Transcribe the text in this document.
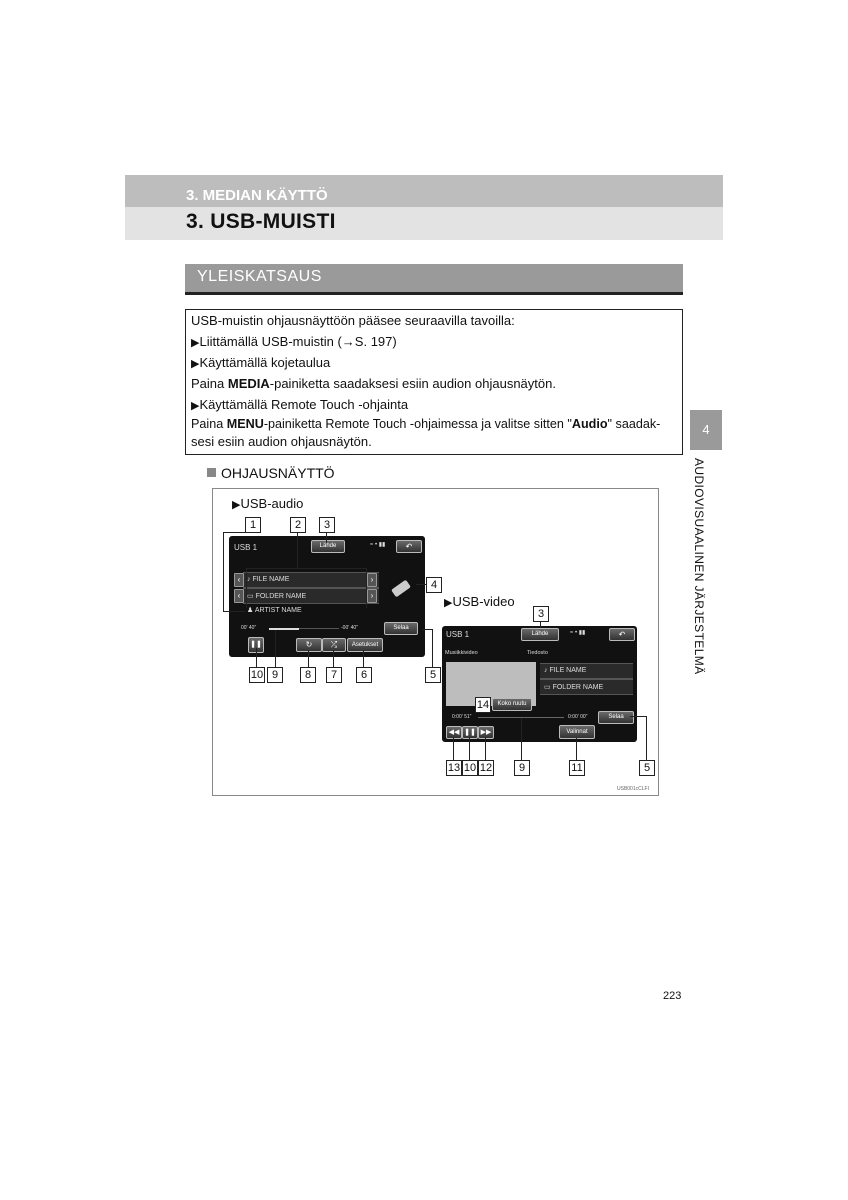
3. MEDIAN KÄYTTÖ
3. USB-MUISTI
YLEISKATSAUS
USB-muistin ohjausnäyttöön pääsee seuraavilla tavoilla:
▶Liittämällä USB-muistin (→S. 197)
▶Käyttämällä kojetaulua
Paina MEDIA-painiketta saadaksesi esiin audion ohjausnäytön.
▶Käyttämällä Remote Touch -ohjainta
Paina MENU-painiketta Remote Touch -ohjaimessa ja valitse sitten "Audio" saadak-
sesi esiin audion ohjausnäytön.
4
AUDIOVISUAALINEN JÄRJESTELMÄ
OHJAUSNÄYTTÖ
▶USB-audio
▶USB-video
USB001cCLFI
USB 1	Lähde	≈ • ▮▮	↶
♪ FILE NAME
▭ FOLDER NAME
‹
‹
›
›
♟ ARTIST NAME
00' 40"	-00' 40"	Selaa
❚❚	↻	⤮	Asetukset
USB 1	Lähde	≈ • ▮▮	↶
Musiikkivideo	Tiedosto
Koko ruutu
♪ FILE NAME
▭ FOLDER NAME
0:00' 51"	0:00' 00"	Selaa
◀◀ ❚❚ ▶▶	Valinnat
1	2	3
4
5
10 9	8	7	6
3
14
13 10 12	9	11	5
223
